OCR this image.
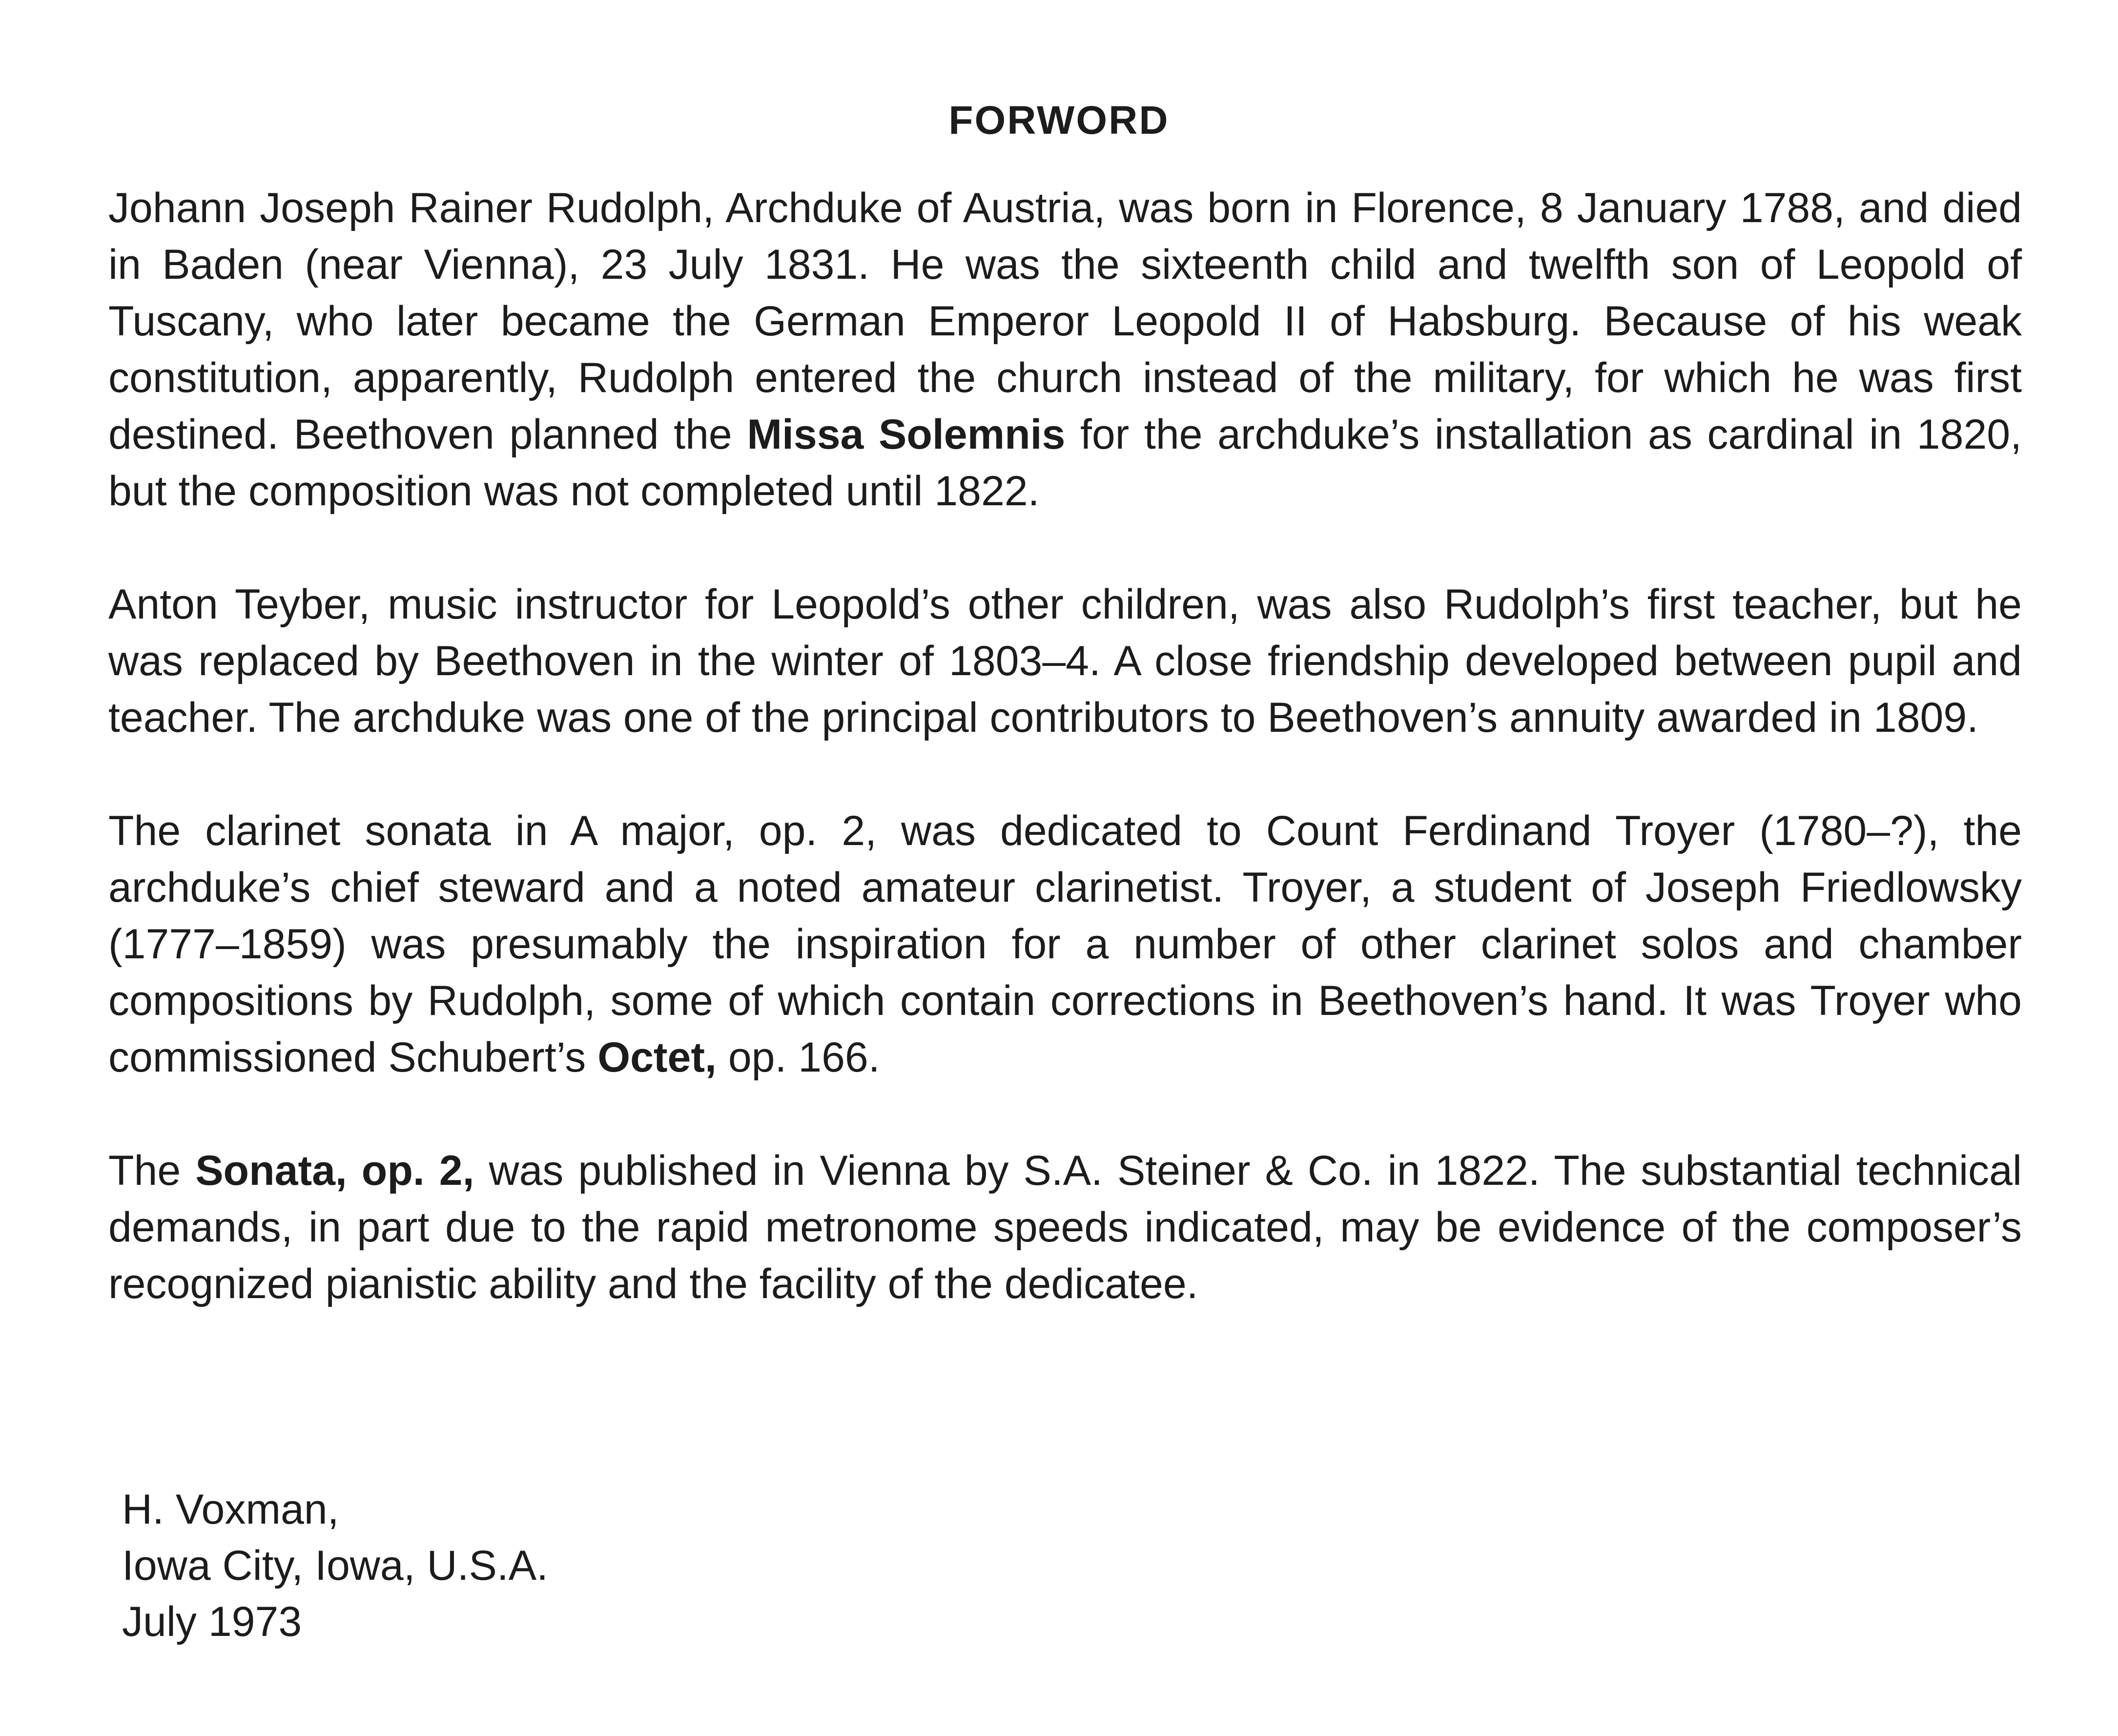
FORWORD

Johann Joseph Rainer Rudolph, Archduke of Austria, was born in Florence, 8 January 1788, and died in Baden (near Vienna), 23 July 1831. He was the sixteenth child and twelfth son of Leopold of Tuscany, who later became the German Emperor Leopold II of Habsburg. Because of his weak constitution, apparently, Rudolph entered the church instead of the military, for which he was first destined. Beethoven planned the Missa Solemnis for the archduke’s installation as cardinal in 1820, but the composition was not completed until 1822.

Anton Teyber, music instructor for Leopold’s other children, was also Rudolph’s first teacher, but he was replaced by Beethoven in the winter of 1803–4. A close friendship developed between pupil and teacher. The archduke was one of the principal contributors to Beethoven’s annuity awarded in 1809.

The clarinet sonata in A major, op. 2, was dedicated to Count Ferdinand Troyer (1780–?), the archduke’s chief steward and a noted amateur clarinetist. Troyer, a student of Joseph Friedlowsky (1777–1859) was presumably the inspiration for a number of other clarinet solos and chamber compositions by Rudolph, some of which contain corrections in Beethoven’s hand. It was Troyer who commissioned Schubert’s Octet, op. 166.

The Sonata, op. 2, was published in Vienna by S.A. Steiner & Co. in 1822. The substantial technical demands, in part due to the rapid metronome speeds indicated, may be evidence of the composer’s recognized pianistic ability and the facility of the dedicatee.

H. Voxman,
Iowa City, Iowa, U.S.A.
July 1973
